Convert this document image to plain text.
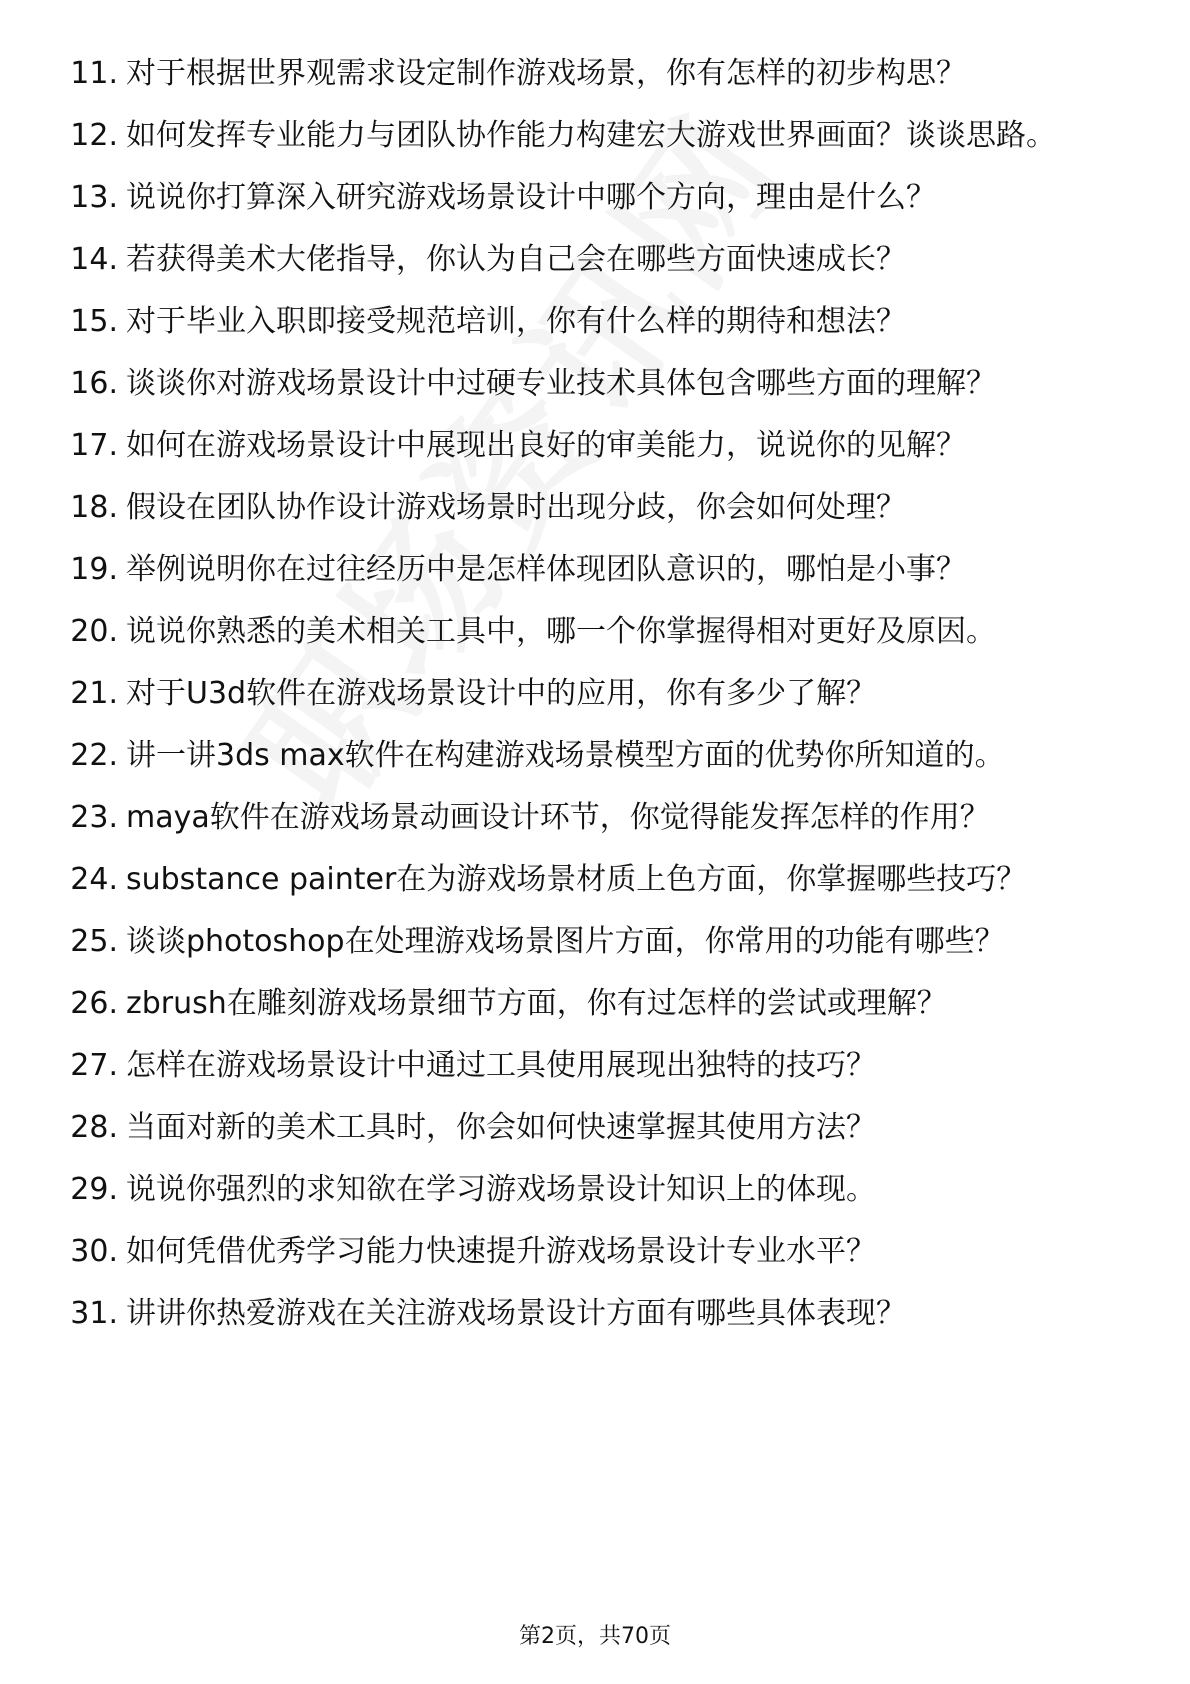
11. 对于根据世界观需求设定制作游戏场景，你有怎样的初步构思？
12. 如何发挥专业能力与团队协作能力构建宏大游戏世界画面？谈谈思路。
13. 说说你打算深入研究游戏场景设计中哪个方向，理由是什么？
14. 若获得美术大佬指导，你认为自己会在哪些方面快速成长？
15. 对于毕业入职即接受规范培训，你有什么样的期待和想法？
16. 谈谈你对游戏场景设计中过硬专业技术具体包含哪些方面的理解？
17. 如何在游戏场景设计中展现出良好的审美能力，说说你的见解？
18. 假设在团队协作设计游戏场景时出现分歧，你会如何处理？
19. 举例说明你在过往经历中是怎样体现团队意识的，哪怕是小事？
20. 说说你熟悉的美术相关工具中，哪一个你掌握得相对更好及原因。
21. 对于U3d软件在游戏场景设计中的应用，你有多少了解？
22. 讲一讲3ds max软件在构建游戏场景模型方面的优势你所知道的。
23. maya软件在游戏场景动画设计环节，你觉得能发挥怎样的作用？
24. substance painter在为游戏场景材质上色方面，你掌握哪些技巧？
25. 谈谈photoshop在处理游戏场景图片方面，你常用的功能有哪些？
26. zbrush在雕刻游戏场景细节方面，你有过怎样的尝试或理解？
27. 怎样在游戏场景设计中通过工具使用展现出独特的技巧？
28. 当面对新的美术工具时，你会如何快速掌握其使用方法？
29. 说说你强烈的求知欲在学习游戏场景设计知识上的体现。
30. 如何凭借优秀学习能力快速提升游戏场景设计专业水平？
31. 讲讲你热爱游戏在关注游戏场景设计方面有哪些具体表现？
第2页，共70页
